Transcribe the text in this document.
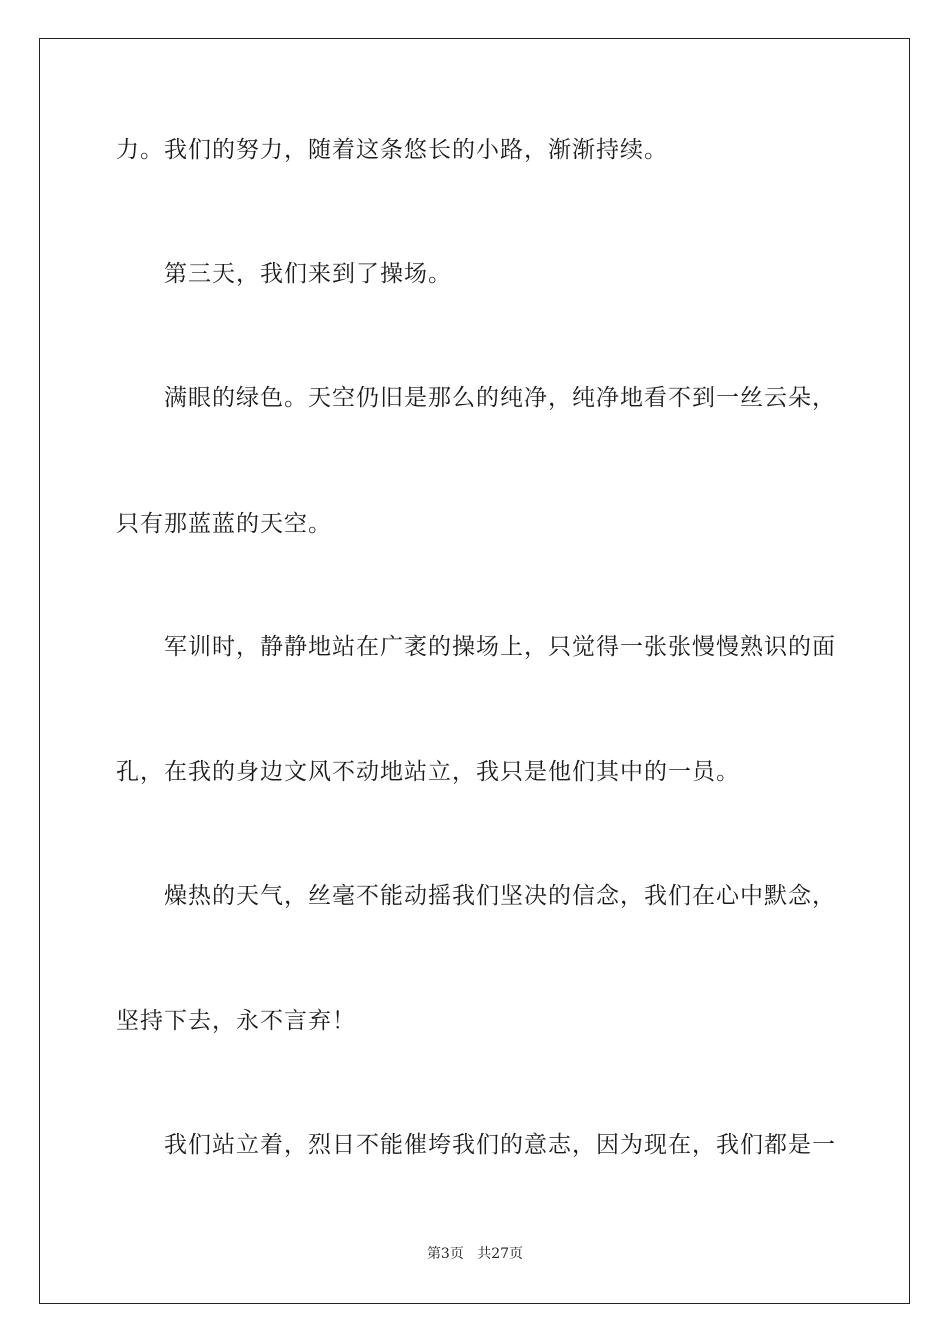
力。我们的努力，随着这条悠长的小路，渐渐持续。
第三天，我们来到了操场。
满眼的绿色。天空仍旧是那么的纯净，纯净地看不到一丝云朵，
只有那蓝蓝的天空。
军训时，静静地站在广袤的操场上，只觉得一张张慢慢熟识的面
孔，在我的身边文风不动地站立，我只是他们其中的一员。
燥热的天气，丝毫不能动摇我们坚决的信念，我们在心中默念，
坚持下去，永不言弃！
我们站立着，烈日不能催垮我们的意志，因为现在，我们都是一
第3页 共27页
